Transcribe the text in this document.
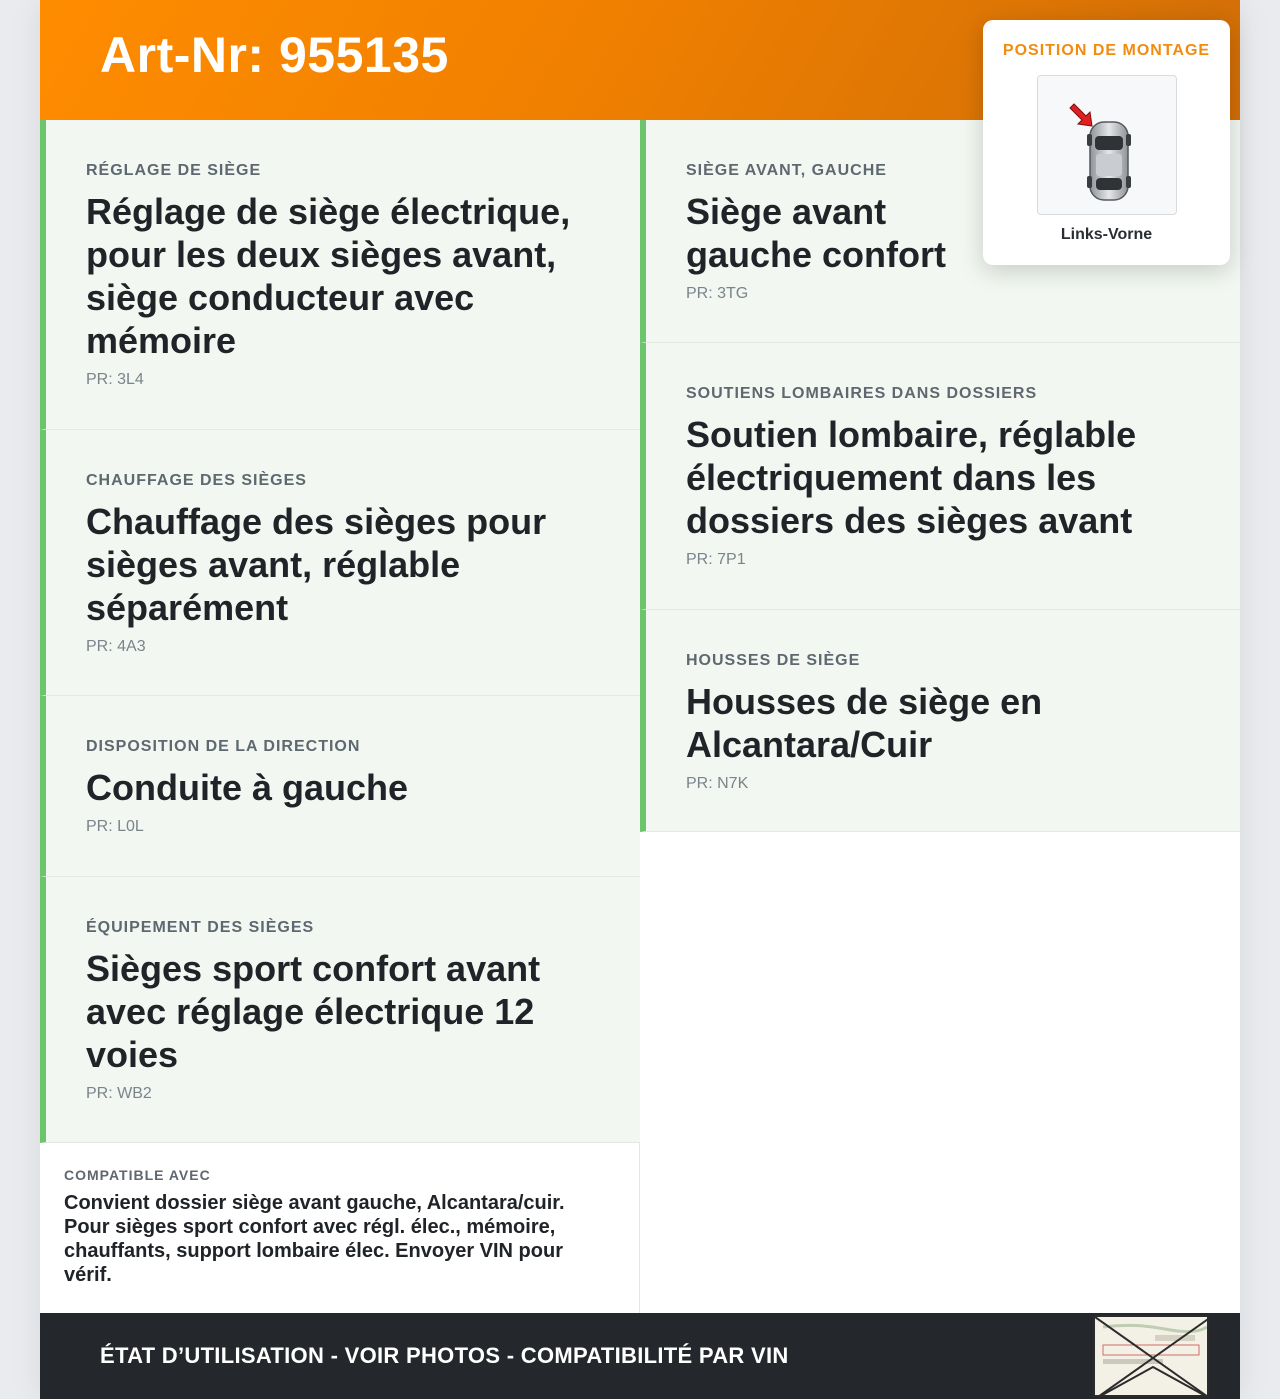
Art-Nr: 955135
RÉGLAGE DE SIÈGE
Réglage de siège électrique, pour les deux sièges avant, siège conducteur avec mémoire
PR: 3L4
CHAUFFAGE DES SIÈGES
Chauffage des sièges pour sièges avant, réglable séparément
PR: 4A3
DISPOSITION DE LA DIRECTION
Conduite à gauche
PR: L0L
ÉQUIPEMENT DES SIÈGES
Sièges sport confort avant avec réglage électrique 12 voies
PR: WB2
SIÈGE AVANT, GAUCHE
Siège avant gauche confort
PR: 3TG
SOUTIENS LOMBAIRES DANS DOSSIERS
Soutien lombaire, réglable électriquement dans les dossiers des sièges avant
PR: 7P1
HOUSSES DE SIÈGE
Housses de siège en Alcantara/Cuir
PR: N7K
COMPATIBLE AVEC
Convient dossier siège avant gauche, Alcantara/cuir. Pour sièges sport confort avec régl. élec., mémoire, chauffants, support lombaire élec. Envoyer VIN pour vérif.
ÉTAT D’UTILISATION - VOIR PHOTOS - COMPATIBILITÉ PAR VIN
POSITION DE MONTAGE
Links-Vorne
